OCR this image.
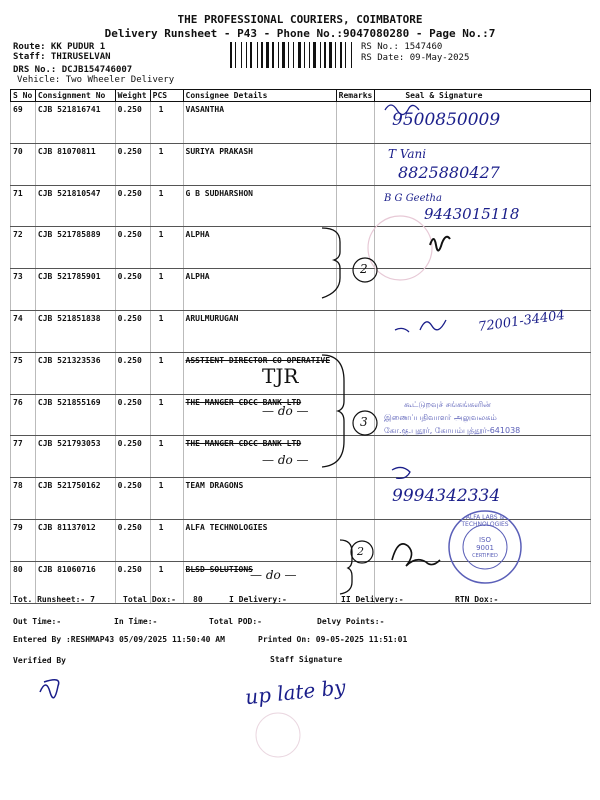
THE PROFESSIONAL COURIERS, COIMBATORE
Delivery Runsheet - P43 - Phone No.:9047080280 - Page No.:7
Route: KK PUDUR 1
Staff: THIRUSELVAN
DRS No.: DCJB154746007
Vehicle: Two Wheeler Delivery
RS No.: 1547460
RS Date: 09-May-2025
S No	Consignment No	Weight	PCS	Consignee Details	Remarks	Seal & Signature
69	CJB 521816741	0.250	1	VASANTHA		
70	CJB 81070811	0.250	1	SURIYA PRAKASH		
71	CJB 521810547	0.250	1	G B SUDHARSHON		
72	CJB 521785889	0.250	1	ALPHA		
73	CJB 521785901	0.250	1	ALPHA		
74	CJB 521851838	0.250	1	ARULMURUGAN		
75	CJB 521323536	0.250	1	ASSTIENT DIRECTOR CO OPERATIVE		
76	CJB 521855169	0.250	1	THE MANGER CDCC BANK LTD		
77	CJB 521793053	0.250	1	THE MANGER CDCC BANK LTD		
78	CJB 521750162	0.250	1	TEAM DRAGONS		
79	CJB 81137012	0.250	1	ALFA TECHNOLOGIES		
80	CJB 81060716	0.250	1	BLSD SOLUTIONS		
9500850009
T Vani
8825880427
B G Geetha
9443015118
2
72001-34404
TJR
3
— do —
— do —
கூட்டுறவுச் சங்கங்களின்
இணைப்பதிவாளர் அலுவலகம்
கோ.கு.புதூர், கோயம்புத்தூர்-641038
9994342334
2
— do —
ALFA LABS & TECHNOLOGIES
ISO
9001
CERTIFIED
Tot. Runsheet:- 7	Total Dox:- 80	I Delivery:-	II Delivery:-	RTN Dox:-
Out Time:-	In Time:-	Total POD:-	Delvy Points:-
Entered By :RESHMAP43 05/09/2025 11:50:40 AM	Printed On: 09-05-2025 11:51:01
Verified By	Staff Signature
up late by
